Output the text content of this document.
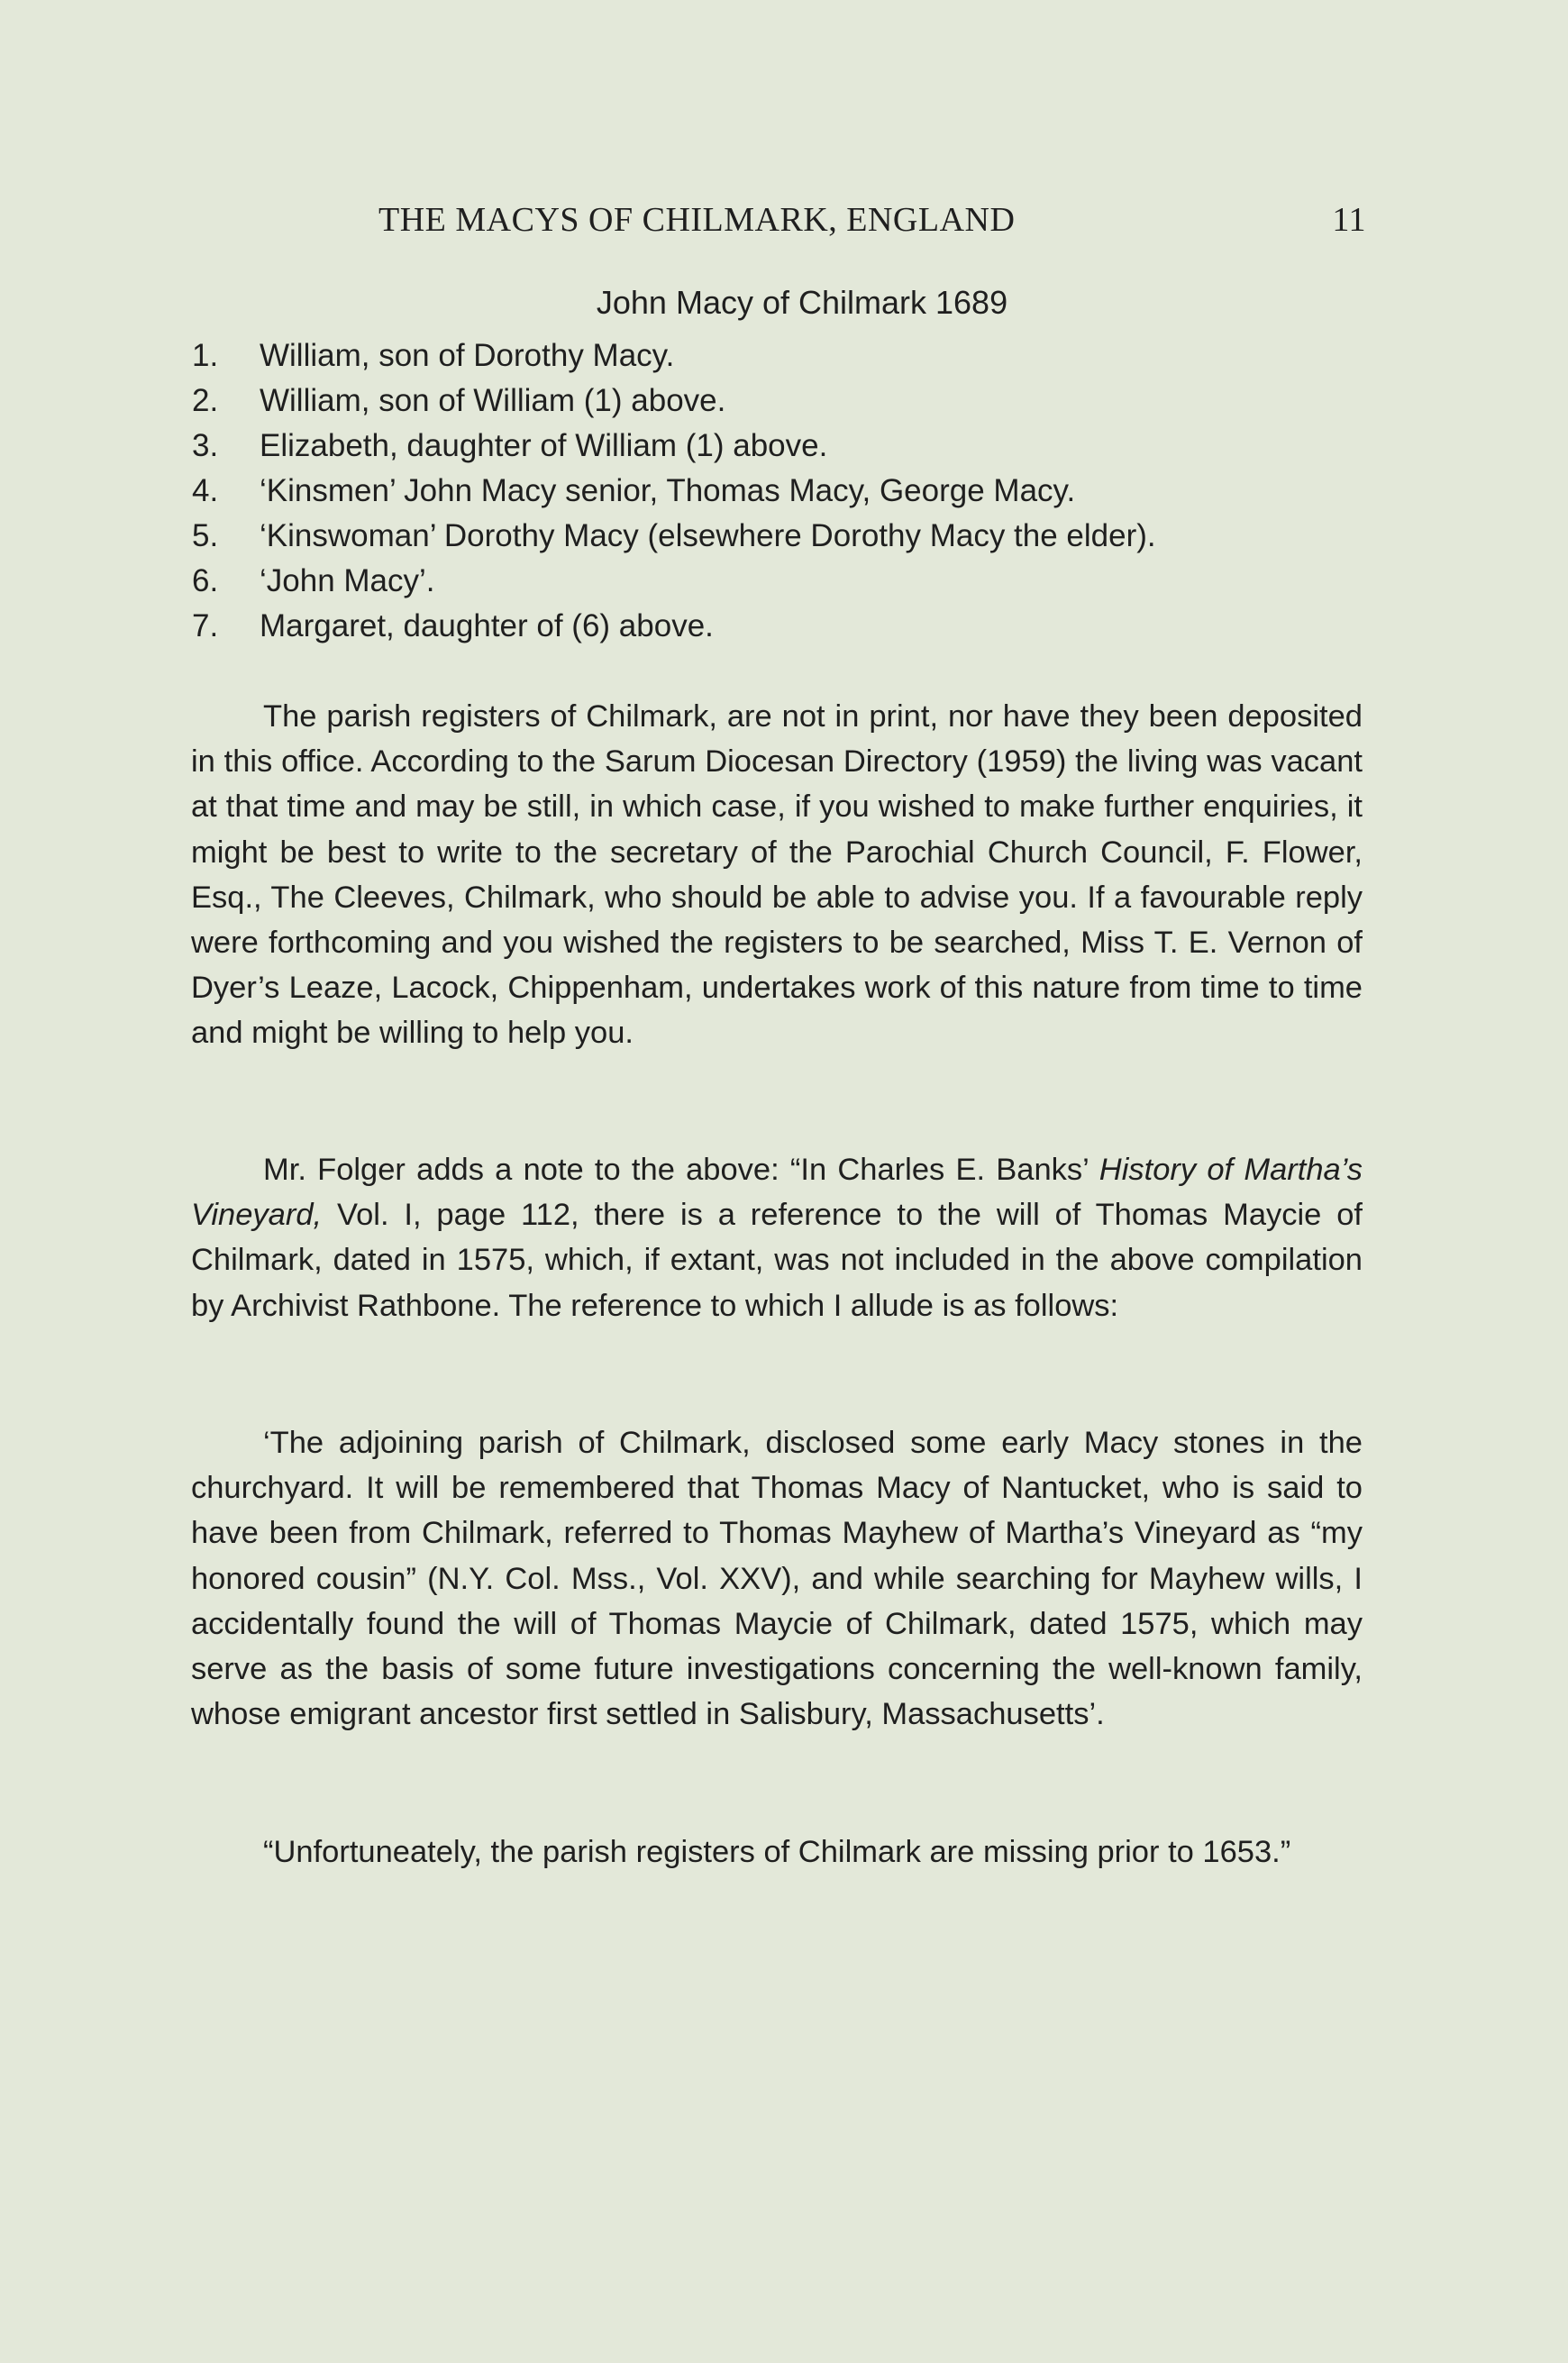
THE MACYS OF CHILMARK, ENGLAND	11
John Macy of Chilmark 1689
1. William, son of Dorothy Macy.
2. William, son of William (1) above.
3. Elizabeth, daughter of William (1) above.
4. ‘Kinsmen’ John Macy senior, Thomas Macy, George Macy.
5. ‘Kinswoman’ Dorothy Macy (elsewhere Dorothy Macy the elder).
6. ‘John Macy’.
7. Margaret, daughter of (6) above.

The parish registers of Chilmark, are not in print, nor have they been deposited in this office. According to the Sarum Diocesan Directory (1959) the living was vacant at that time and may be still, in which case, if you wished to make further enquiries, it might be best to write to the secretary of the Parochial Church Council, F. Flower, Esq., The Cleeves, Chilmark, who should be able to advise you. If a favourable reply were forthcoming and you wished the registers to be searched, Miss T. E. Vernon of Dyer’s Leaze, Lacock, Chippenham, undertakes work of this nature from time to time and might be willing to help you.

Mr. Folger adds a note to the above: “In Charles E. Banks’ History of Martha’s Vineyard, Vol. I, page 112, there is a reference to the will of Thomas Maycie of Chilmark, dated in 1575, which, if extant, was not included in the above compilation by Archivist Rathbone. The reference to which I allude is as follows:

‘The adjoining parish of Chilmark, disclosed some early Macy stones in the churchyard. It will be remembered that Thomas Macy of Nantucket, who is said to have been from Chilmark, referred to Thomas Mayhew of Martha’s Vineyard as “my honored cousin” (N.Y. Col. Mss., Vol. XXV), and while searching for Mayhew wills, I accidentally found the will of Thomas Maycie of Chilmark, dated 1575, which may serve as the basis of some future investigations concerning the well-known family, whose emigrant ancestor first settled in Salisbury, Massachusetts’.

“Unfortuneately, the parish registers of Chilmark are missing prior to 1653.”
